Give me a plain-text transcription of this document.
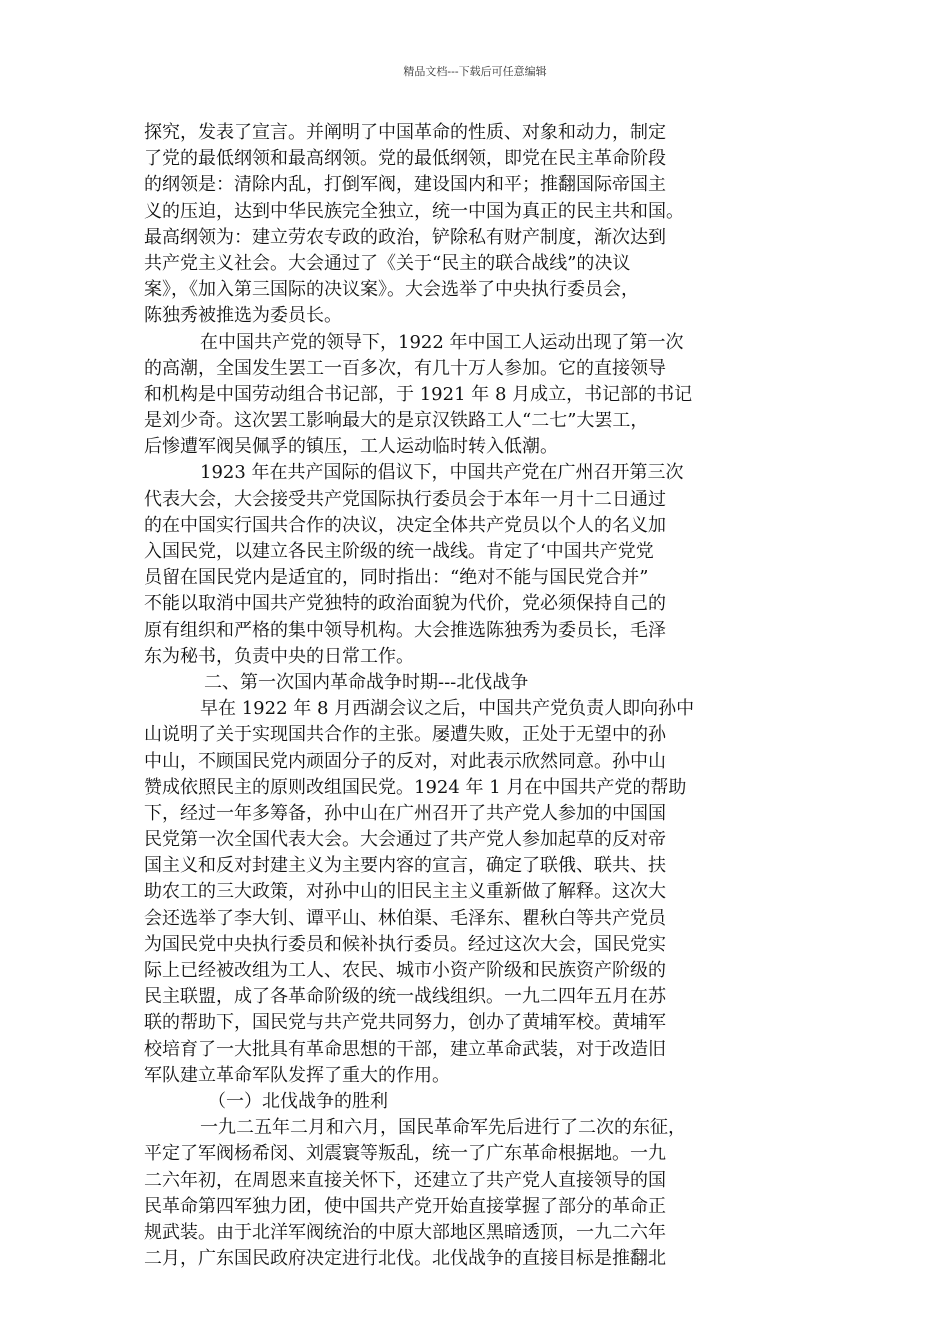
精品文档---下载后可任意编辑
探究，发表了宣言。并阐明了中国革命的性质、对象和动力，制定
了党的最低纲领和最高纲领。党的最低纲领，即党在民主革命阶段
的纲领是：清除内乱，打倒军阀，建设国内和平；推翻国际帝国主
义的压迫，达到中华民族完全独立，统一中国为真正的民主共和国。
最高纲领为：建立劳农专政的政治，铲除私有财产制度，渐次达到
共产党主义社会。大会通过了《关于“民主的联合战线”的决议
案》，《加入第三国际的决议案》。大会选举了中央执行委员会，
陈独秀被推选为委员长。
在中国共产党的领导下，1922 年中国工人运动出现了第一次
的高潮，全国发生罢工一百多次，有几十万人参加。它的直接领导
和机构是中国劳动组合书记部，于 1921 年 8 月成立，书记部的书记
是刘少奇。这次罢工影响最大的是京汉铁路工人“二七”大罢工，
后惨遭军阀吴佩孚的镇压，工人运动临时转入低潮。
1923 年在共产国际的倡议下，中国共产党在广州召开第三次
代表大会，大会接受共产党国际执行委员会于本年一月十二日通过
的在中国实行国共合作的决议，决定全体共产党员以个人的名义加
入国民党，以建立各民主阶级的统一战线。肯定了‘中国共产党党
员留在国民党内是适宜的，同时指出：“绝对不能与国民党合并”
不能以取消中国共产党独特的政治面貌为代价，党必须保持自己的
原有组织和严格的集中领导机构。大会推选陈独秀为委员长，毛泽
东为秘书，负责中央的日常工作。
二、第一次国内革命战争时期---北伐战争
早在 1922 年 8 月西湖会议之后，中国共产党负责人即向孙中
山说明了关于实现国共合作的主张。屡遭失败，正处于无望中的孙
中山，不顾国民党内顽固分子的反对，对此表示欣然同意。孙中山
赞成依照民主的原则改组国民党。1924 年 1 月在中国共产党的帮助
下，经过一年多筹备，孙中山在广州召开了共产党人参加的中国国
民党第一次全国代表大会。大会通过了共产党人参加起草的反对帝
国主义和反对封建主义为主要内容的宣言，确定了联俄、联共、扶
助农工的三大政策，对孙中山的旧民主主义重新做了解释。这次大
会还选举了李大钊、谭平山、林伯渠、毛泽东、瞿秋白等共产党员
为国民党中央执行委员和候补执行委员。经过这次大会，国民党实
际上已经被改组为工人、农民、城市小资产阶级和民族资产阶级的
民主联盟，成了各革命阶级的统一战线组织。一九二四年五月在苏
联的帮助下，国民党与共产党共同努力，创办了黄埔军校。黄埔军
校培育了一大批具有革命思想的干部，建立革命武装，对于改造旧
军队建立革命军队发挥了重大的作用。
（一）北伐战争的胜利
一九二五年二月和六月，国民革命军先后进行了二次的东征，
平定了军阀杨希闵、刘震寰等叛乱，统一了广东革命根据地。一九
二六年初，在周恩来直接关怀下，还建立了共产党人直接领导的国
民革命第四军独力团，使中国共产党开始直接掌握了部分的革命正
规武装。由于北洋军阀统治的中原大部地区黑暗透顶，一九二六年
二月，广东国民政府决定进行北伐。北伐战争的直接目标是推翻北
